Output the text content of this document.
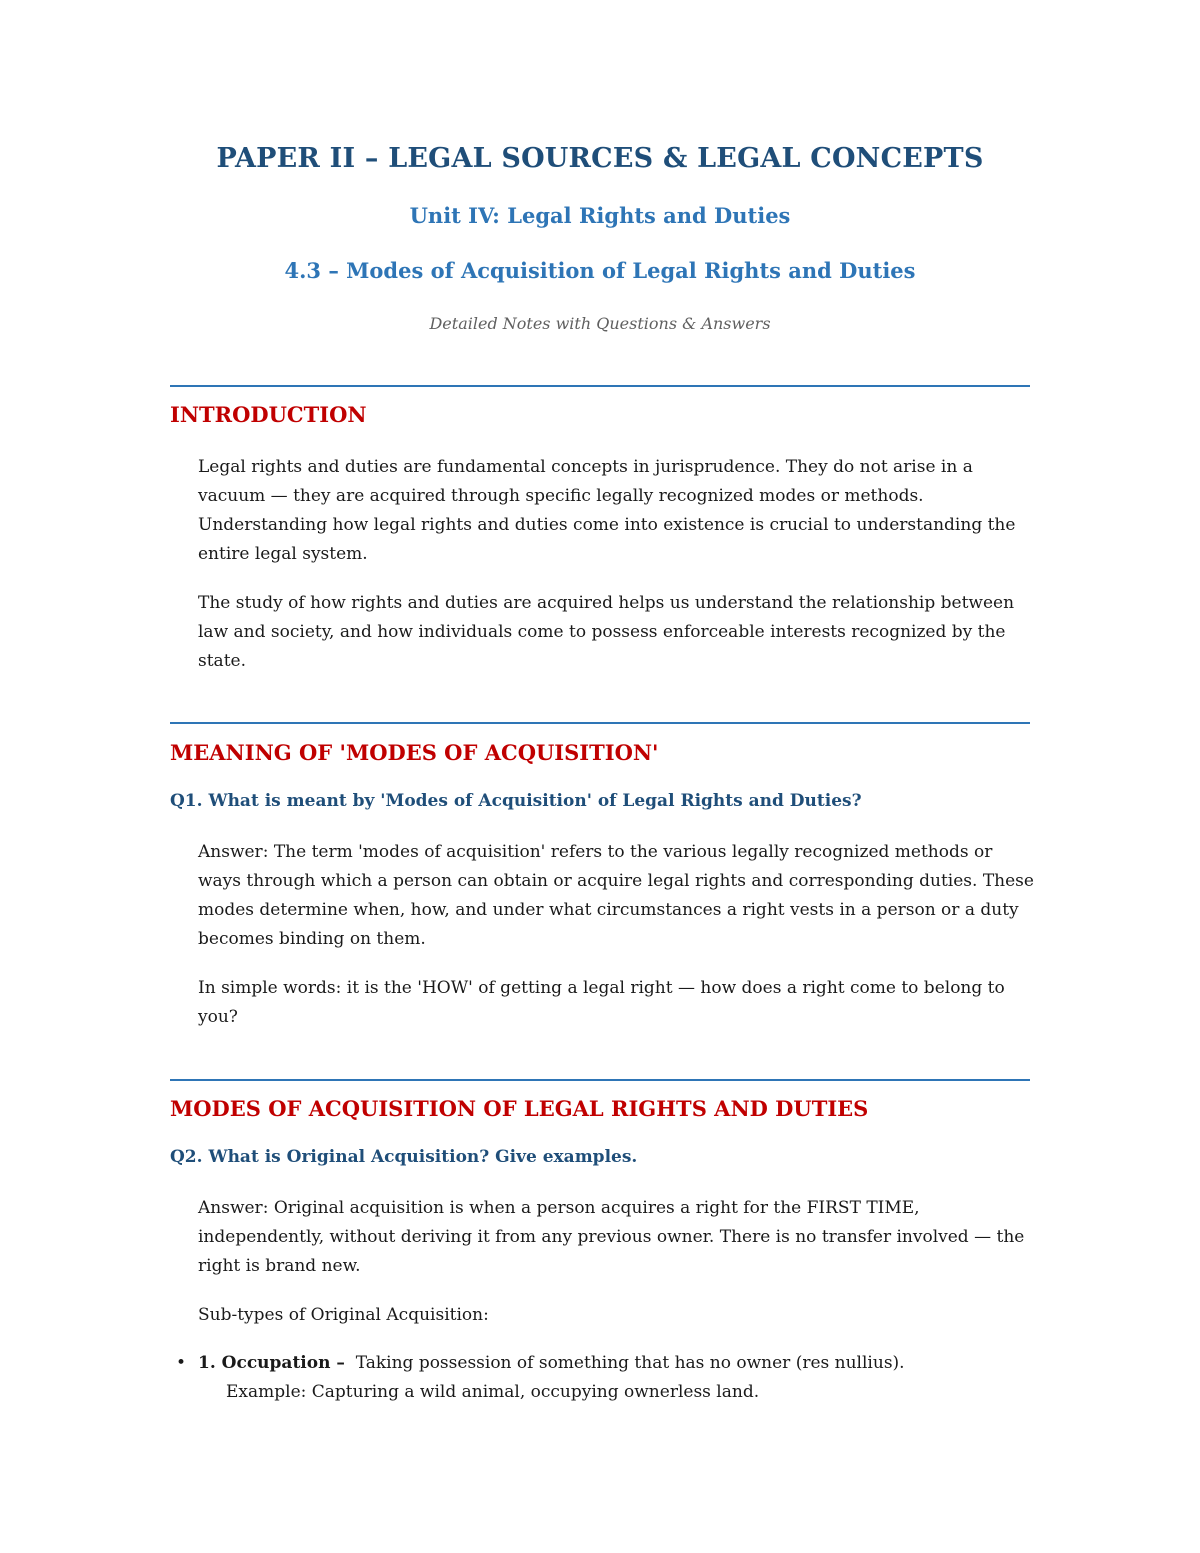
PAPER II – LEGAL SOURCES & LEGAL CONCEPTS
Unit IV: Legal Rights and Duties
4.3 – Modes of Acquisition of Legal Rights and Duties

Detailed Notes with Questions & Answers

INTRODUCTION

Legal rights and duties are fundamental concepts in jurisprudence. They do not arise in a vacuum — they are acquired through specific legally recognized modes or methods. Understanding how legal rights and duties come into existence is crucial to understanding the entire legal system.

The study of how rights and duties are acquired helps us understand the relationship between law and society, and how individuals come to possess enforceable interests recognized by the state.

MEANING OF 'MODES OF ACQUISITION'
Q1. What is meant by 'Modes of Acquisition' of Legal Rights and Duties?

Answer: The term 'modes of acquisition' refers to the various legally recognized methods or ways through which a person can obtain or acquire legal rights and corresponding duties. These modes determine when, how, and under what circumstances a right vests in a person or a duty becomes binding on them.

In simple words: it is the 'HOW' of getting a legal right — how does a right come to belong to you?

MODES OF ACQUISITION OF LEGAL RIGHTS AND DUTIES
Q2. What is Original Acquisition? Give examples.

Answer: Original acquisition is when a person acquires a right for the FIRST TIME, independently, without deriving it from any previous owner. There is no transfer involved — the right is brand new.

Sub-types of Original Acquisition:

• 1. Occupation – Taking possession of something that has no owner (res nullius).
Example: Capturing a wild animal, occupying ownerless land.
